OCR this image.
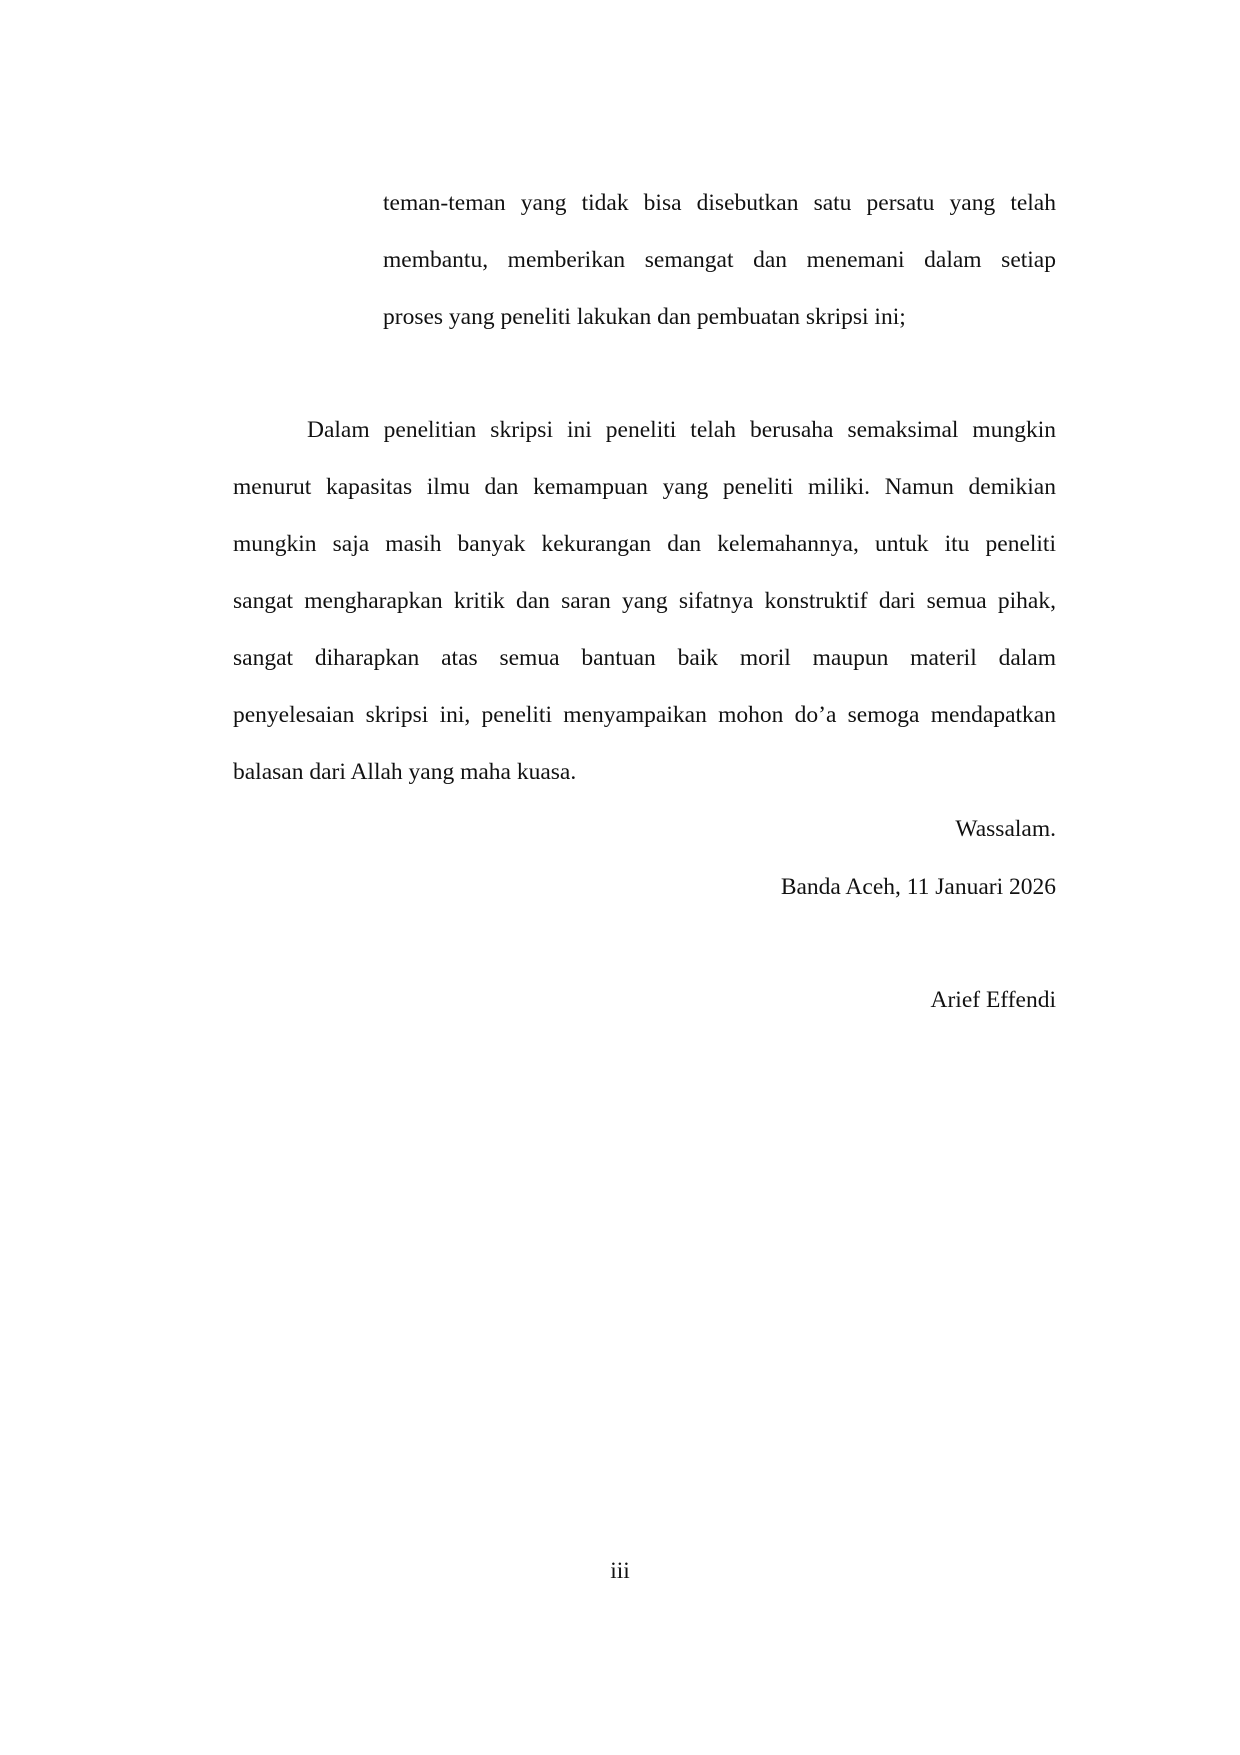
teman-teman yang tidak bisa disebutkan satu persatu yang telah
membantu, memberikan semangat dan menemani dalam setiap
proses yang peneliti lakukan dan pembuatan skripsi ini;
Dalam penelitian skripsi ini peneliti telah berusaha semaksimal mungkin
menurut kapasitas ilmu dan kemampuan yang peneliti miliki. Namun demikian
mungkin saja masih banyak kekurangan dan kelemahannya, untuk itu peneliti
sangat mengharapkan kritik dan saran yang sifatnya konstruktif dari semua pihak,
sangat diharapkan atas semua bantuan baik moril maupun materil dalam
penyelesaian skripsi ini, peneliti menyampaikan mohon do’a semoga mendapatkan
balasan dari Allah yang maha kuasa.
Wassalam.
Banda Aceh, 11 Januari 2026
Arief Effendi
iii
